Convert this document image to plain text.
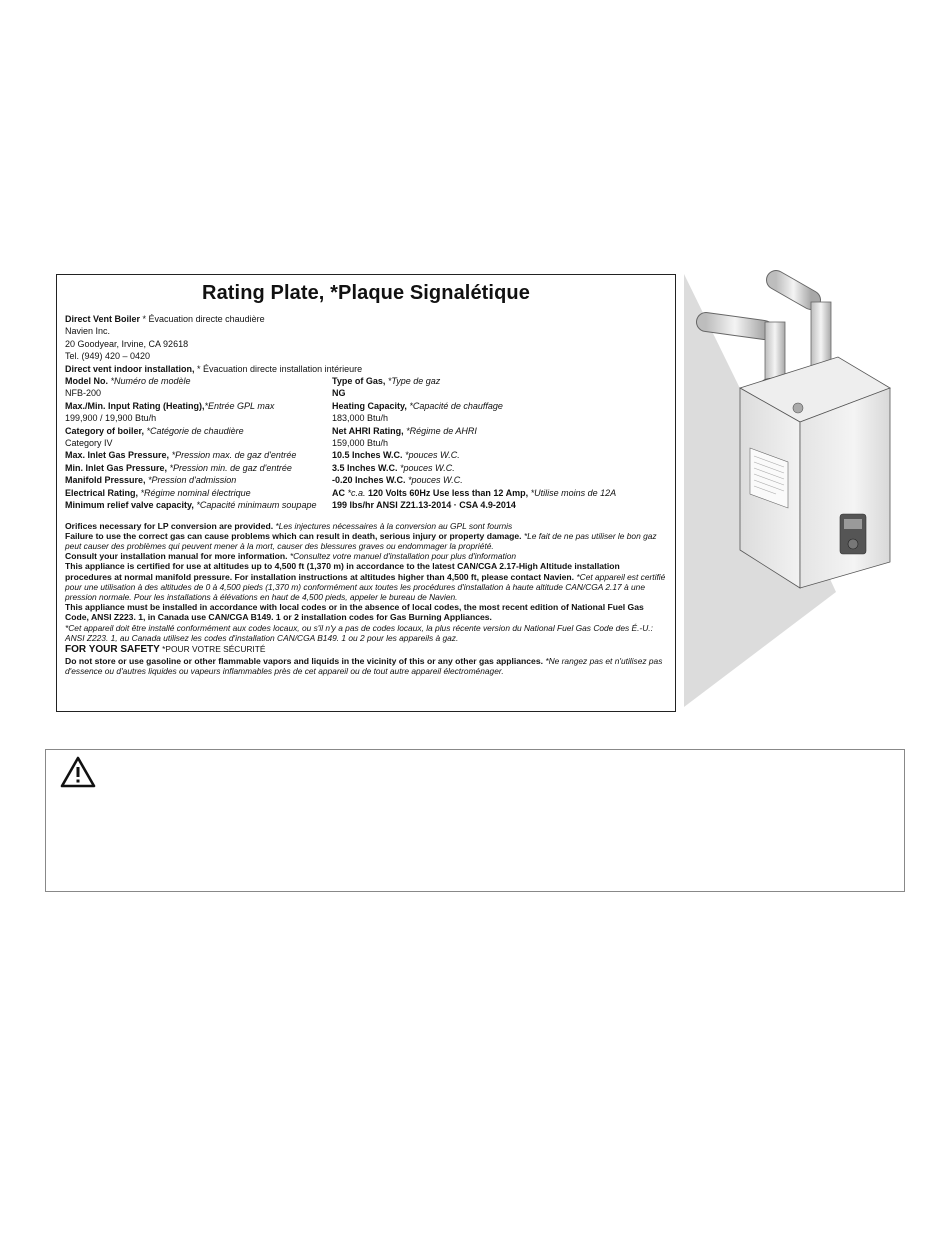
Rating Plate, *Plaque Signalétique
Direct Vent Boiler * Évacuation directe chaudière
Navien Inc.
20 Goodyear, Irvine, CA 92618
Tel. (949) 420 – 0420
Direct vent indoor installation, * Évacuation directe installation intérieure
Model No. *Numéro de modèle
NFB-200
Max./Min. Input Rating (Heating),*Entrée GPL max
199,900 / 19,900 Btu/h
Category of boiler, *Catégorie de chaudière
Category IV
Max. Inlet Gas Pressure, *Pression max. de gaz d'entrée
Min. Inlet Gas Pressure, *Pression min. de gaz d'entrée
Manifold Pressure, *Pression d'admission
Electrical Rating, *Régime nominal électrique
Minimum relief valve capacity, *Capacité minimaum soupape
Type of Gas, *Type de gaz
NG
Heating Capacity, *Capacité de chauffage
183,000 Btu/h
Net AHRI Rating, *Régime de AHRI
159,000 Btu/h
10.5 Inches W.C. *pouces W.C.
3.5 Inches W.C. *pouces W.C.
-0.20 Inches W.C. *pouces W.C.
AC *c.a. 120 Volts 60Hz Use less than 12 Amp, *Utilise moins de 12A
199 lbs/hr ANSI Z21.13-2014 · CSA 4.9-2014
Orifices necessary for LP conversion are provided. *Les injectures nécessaires à la conversion au GPL sont fournis
Failure to use the correct gas can cause problems which can result in death, serious injury or property damage. *Le fait de ne pas utiliser le bon gaz peut causer des problèmes qui peuvent mener à la mort, causer des blessures graves ou endommager la propriété.
Consult your installation manual for more information. *Consultez votre manuel d'installation pour plus d'information
This appliance is certified for use at altitudes up to 4,500 ft (1,370 m) in accordance to the latest CAN/CGA 2.17-High Altitude installation procedures at normal manifold pressure. For installation instructions at altitudes higher than 4,500 ft, please contact Navien. *Cet appareil est certifié pour une utilisation à des altitudes de 0 à 4,500 pieds (1,370 m) conformément aux toutes les procédures d'installation à haute altitude CAN/CGA 2.17 à une pression normale. Pour les installations à élévations en haut de 4,500 pieds, appeler le bureau de Navien.
This appliance must be installed in accordance with local codes or in the absence of local codes, the most recent edition of National Fuel Gas Code, ANSI Z223. 1, in Canada use CAN/CGA B149. 1 or 2 installation codes for Gas Burning Appliances.
*Cet appareil doit être installé conformément aux codes locaux, ou s'il n'y a pas de codes locaux, la plus récente version du National Fuel Gas Code des É.-U.: ANSI Z223. 1, au Canada utilisez les codes d'installation CAN/CGA B149. 1 ou 2 pour les appareils à gaz.
FOR YOUR SAFETY *POUR VOTRE SÉCURITÉ
Do not store or use gasoline or other flammable vapors and liquids in the vicinity of this or any other gas appliances. *Ne rangez pas et n'utilisez pas d'essence ou d'autres liquides ou vapeurs inflammables près de cet appareil ou de tout autre appareil électroménager.
